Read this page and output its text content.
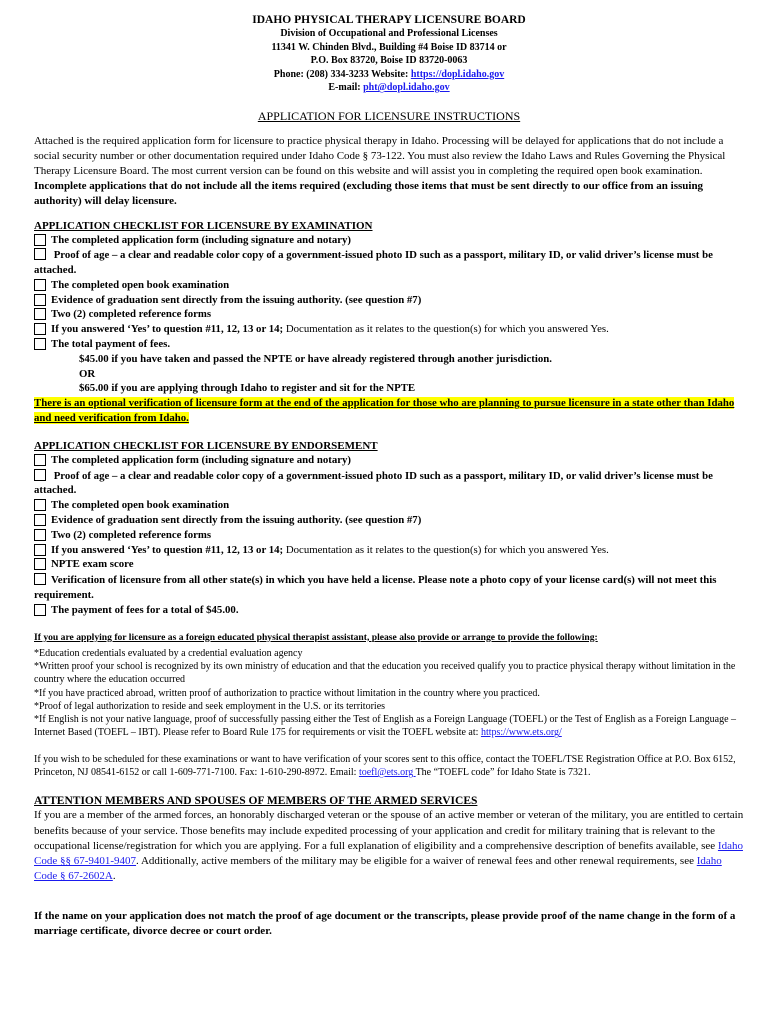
IDAHO PHYSICAL THERAPY LICENSURE BOARD
Division of Occupational and Professional Licenses
11341 W. Chinden Blvd., Building #4 Boise ID 83714 or
P.O. Box 83720, Boise ID 83720-0063
Phone: (208) 334-3233 Website: https://dopl.idaho.gov
E-mail: pht@dopl.idaho.gov
APPLICATION FOR LICENSURE INSTRUCTIONS
Attached is the required application form for licensure to practice physical therapy in Idaho. Processing will be delayed for applications that do not include a social security number or other documentation required under Idaho Code § 73-122. You must also review the Idaho Laws and Rules Governing the Physical Therapy Licensure Board. The most current version can be found on this website and will assist you in completing the required open book examination. Incomplete applications that do not include all the items required (excluding those items that must be sent directly to our office from an issuing authority) will delay licensure.
APPLICATION CHECKLIST FOR LICENSURE BY EXAMINATION
The completed application form (including signature and notary)
Proof of age – a clear and readable color copy of a government-issued photo ID such as a passport, military ID, or valid driver’s license must be attached.
The completed open book examination
Evidence of graduation sent directly from the issuing authority. (see question #7)
Two (2) completed reference forms
If you answered ‘Yes’ to question #11, 12, 13 or 14; Documentation as it relates to the question(s) for which you answered Yes.
The total payment of fees.
$45.00 if you have taken and passed the NPTE or have already registered through another jurisdiction.
OR
$65.00 if you are applying through Idaho to register and sit for the NPTE
There is an optional verification of licensure form at the end of the application for those who are planning to pursue licensure in a state other than Idaho and need verification from Idaho.
APPLICATION CHECKLIST FOR LICENSURE BY ENDORSEMENT
The completed application form (including signature and notary)
Proof of age – a clear and readable color copy of a government-issued photo ID such as a passport, military ID, or valid driver’s license must be attached.
The completed open book examination
Evidence of graduation sent directly from the issuing authority. (see question #7)
Two (2) completed reference forms
If you answered ‘Yes’ to question #11, 12, 13 or 14; Documentation as it relates to the question(s) for which you answered Yes.
NPTE exam score
Verification of licensure from all other state(s) in which you have held a license. Please note a photo copy of your license card(s) will not meet this requirement.
The payment of fees for a total of $45.00.
If you are applying for licensure as a foreign educated physical therapist assistant, please also provide or arrange to provide the following:
*Education credentials evaluated by a credential evaluation agency
*Written proof your school is recognized by its own ministry of education and that the education you received qualify you to practice physical therapy without limitation in the country where the education occurred
*If you have practiced abroad, written proof of authorization to practice without limitation in the country where you practiced.
*Proof of legal authorization to reside and seek employment in the U.S. or its territories
*If English is not your native language, proof of successfully passing either the Test of English as a Foreign Language (TOEFL) or the Test of English as a Foreign Language – Internet Based (TOEFL – IBT). Please refer to Board Rule 175 for requirements or visit the TOEFL website at: https://www.ets.org/
If you wish to be scheduled for these examinations or want to have verification of your scores sent to this office, contact the TOEFL/TSE Registration Office at P.O. Box 6152, Princeton, NJ 08541-6152 or call 1-609-771-7100. Fax: 1-610-290-8972. Email: toefl@ets.org The “TOEFL code” for Idaho State is 7321.
ATTENTION MEMBERS AND SPOUSES OF MEMBERS OF THE ARMED SERVICES
If you are a member of the armed forces, an honorably discharged veteran or the spouse of an active member or veteran of the military, you are entitled to certain benefits because of your service. Those benefits may include expedited processing of your application and credit for military training that is relevant to the occupational license/registration for which you are applying. For a full explanation of eligibility and a comprehensive description of benefits available, see Idaho Code §§ 67-9401-9407. Additionally, active members of the military may be eligible for a waiver of renewal fees and other renewal requirements, see Idaho Code § 67-2602A.
If the name on your application does not match the proof of age document or the transcripts, please provide proof of the name change in the form of a marriage certificate, divorce decree or court order.
